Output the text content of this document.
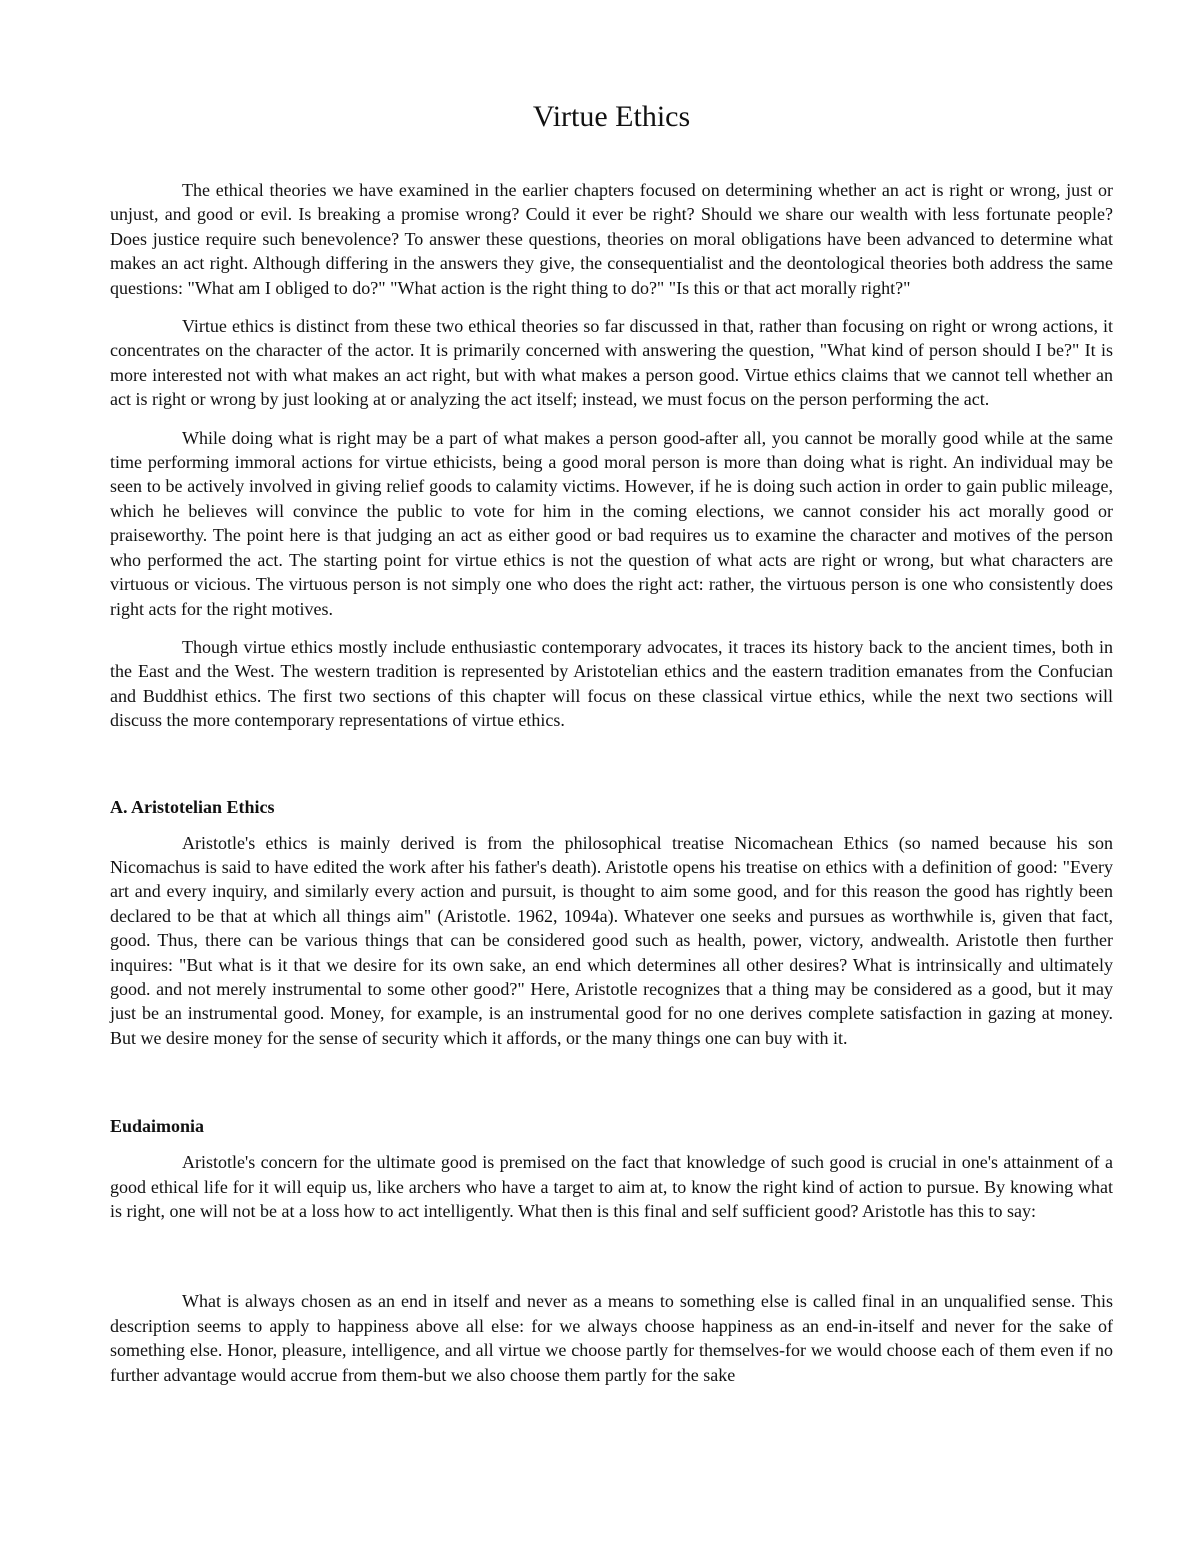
Virtue Ethics

The ethical theories we have examined in the earlier chapters focused on determining whether an act is right or wrong, just or unjust, and good or evil. Is breaking a promise wrong? Could it ever be right? Should we share our wealth with less fortunate people? Does justice require such benevolence? To answer these questions, theories on moral obligations have been advanced to determine what makes an act right. Although differing in the answers they give, the consequentialist and the deontological theories both address the same questions: "What am I obliged to do?" "What action is the right thing to do?" "Is this or that act morally right?"

Virtue ethics is distinct from these two ethical theories so far discussed in that, rather than focusing on right or wrong actions, it concentrates on the character of the actor. It is primarily concerned with answering the question, "What kind of person should I be?" It is more interested not with what makes an act right, but with what makes a person good. Virtue ethics claims that we cannot tell whether an act is right or wrong by just looking at or analyzing the act itself; instead, we must focus on the person performing the act.

While doing what is right may be a part of what makes a person good-after all, you cannot be morally good while at the same time performing immoral actions for virtue ethicists, being a good moral person is more than doing what is right. An individual may be seen to be actively involved in giving relief goods to calamity victims. However, if he is doing such action in order to gain public mileage, which he believes will convince the public to vote for him in the coming elections, we cannot consider his act morally good or praiseworthy. The point here is that judging an act as either good or bad requires us to examine the character and motives of the person who performed the act. The starting point for virtue ethics is not the question of what acts are right or wrong, but what characters are virtuous or vicious. The virtuous person is not simply one who does the right act: rather, the virtuous person is one who consistently does right acts for the right motives.

Though virtue ethics mostly include enthusiastic contemporary advocates, it traces its history back to the ancient times, both in the East and the West. The western tradition is represented by Aristotelian ethics and the eastern tradition emanates from the Confucian and Buddhist ethics. The first two sections of this chapter will focus on these classical virtue ethics, while the next two sections will discuss the more contemporary representations of virtue ethics.

A. Aristotelian Ethics

Aristotle's ethics is mainly derived is from the philosophical treatise Nicomachean Ethics (so named because his son Nicomachus is said to have edited the work after his father's death). Aristotle opens his treatise on ethics with a definition of good: "Every art and every inquiry, and similarly every action and pursuit, is thought to aim some good, and for this reason the good has rightly been declared to be that at which all things aim" (Aristotle. 1962, 1094a). Whatever one seeks and pursues as worthwhile is, given that fact, good. Thus, there can be various things that can be considered good such as health, power, victory, andwealth. Aristotle then further inquires: "But what is it that we desire for its own sake, an end which determines all other desires? What is intrinsically and ultimately good. and not merely instrumental to some other good?" Here, Aristotle recognizes that a thing may be considered as a good, but it may just be an instrumental good. Money, for example, is an instrumental good for no one derives complete satisfaction in gazing at money. But we desire money for the sense of security which it affords, or the many things one can buy with it.

Eudaimonia

Aristotle's concern for the ultimate good is premised on the fact that knowledge of such good is crucial in one's attainment of a good ethical life for it will equip us, like archers who have a target to aim at, to know the right kind of action to pursue. By knowing what is right, one will not be at a loss how to act intelligently. What then is this final and self sufficient good? Aristotle has this to say:

What is always chosen as an end in itself and never as a means to something else is called final in an unqualified sense. This description seems to apply to happiness above all else: for we always choose happiness as an end-in-itself and never for the sake of something else. Honor, pleasure, intelligence, and all virtue we choose partly for themselves-for we would choose each of them even if no further advantage would accrue from them-but we also choose them partly for the sake
